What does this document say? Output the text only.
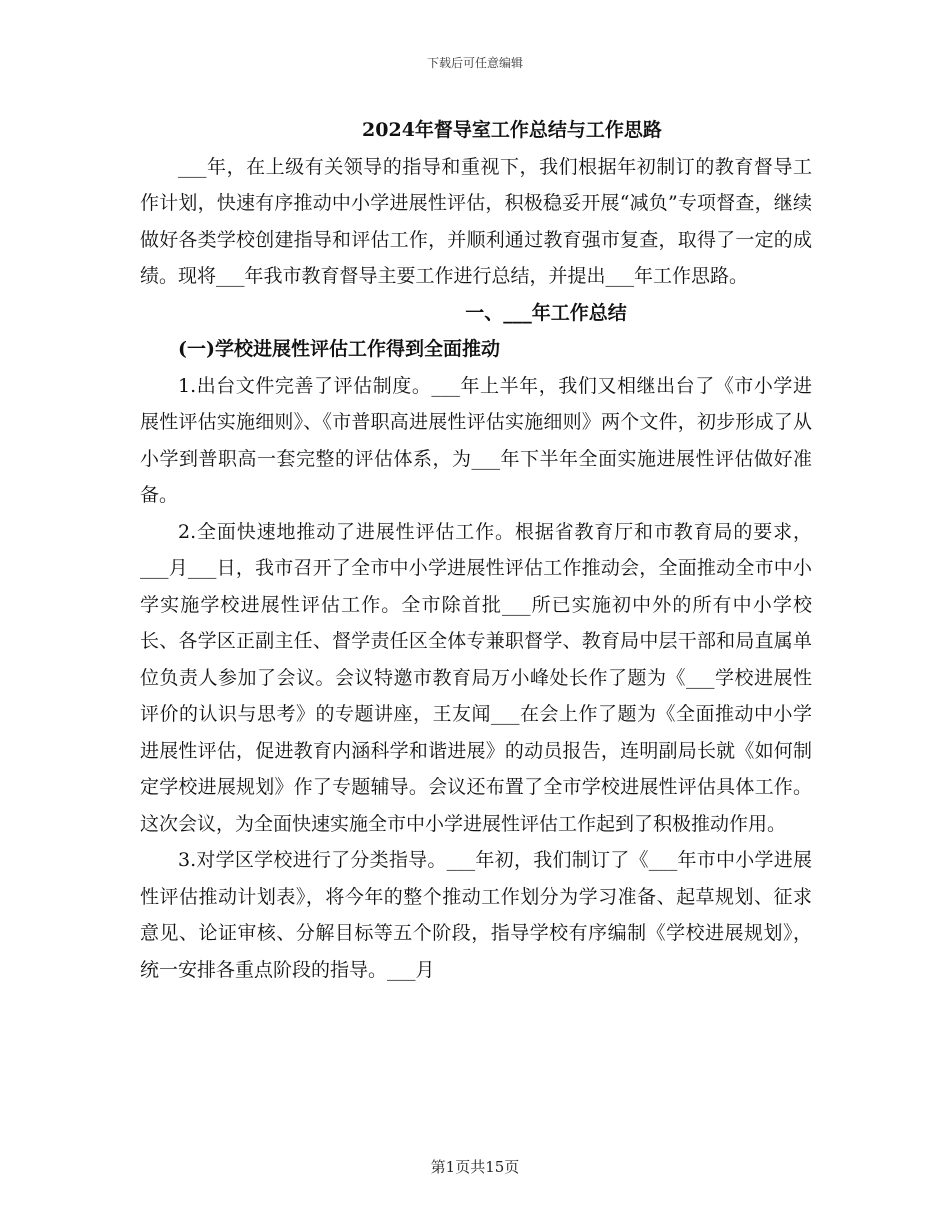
下载后可任意编辑

2024年督导室工作总结与工作思路

___年，在上级有关领导的指导和重视下，我们根据年初制订的教育督导工作计划，快速有序推动中小学进展性评估，积极稳妥开展“减负”专项督查，继续做好各类学校创建指导和评估工作，并顺利通过教育强市复查，取得了一定的成绩。现将___年我市教育督导主要工作进行总结，并提出___年工作思路。

一、___年工作总结

(一)学校进展性评估工作得到全面推动

1.出台文件完善了评估制度。___年上半年，我们又相继出台了《市小学进展性评估实施细则》、《市普职高进展性评估实施细则》两个文件，初步形成了从小学到普职高一套完整的评估体系，为___年下半年全面实施进展性评估做好准备。

2.全面快速地推动了进展性评估工作。根据省教育厅和市教育局的要求，___月___日，我市召开了全市中小学进展性评估工作推动会，全面推动全市中小学实施学校进展性评估工作。全市除首批___所已实施初中外的所有中小学校长、各学区正副主任、督学责任区全体专兼职督学、教育局中层干部和局直属单位负责人参加了会议。会议特邀市教育局万小峰处长作了题为《___学校进展性评价的认识与思考》的专题讲座，王友闻___在会上作了题为《全面推动中小学进展性评估，促进教育内涵科学和谐进展》的动员报告，连明副局长就《如何制定学校进展规划》作了专题辅导。会议还布置了全市学校进展性评估具体工作。这次会议，为全面快速实施全市中小学进展性评估工作起到了积极推动作用。

3.对学区学校进行了分类指导。___年初，我们制订了《___年市中小学进展性评估推动计划表》，将今年的整个推动工作划分为学习准备、起草规划、征求意见、论证审核、分解目标等五个阶段，指导学校有序编制《学校进展规划》，统一安排各重点阶段的指导。___月

第1页共15页
